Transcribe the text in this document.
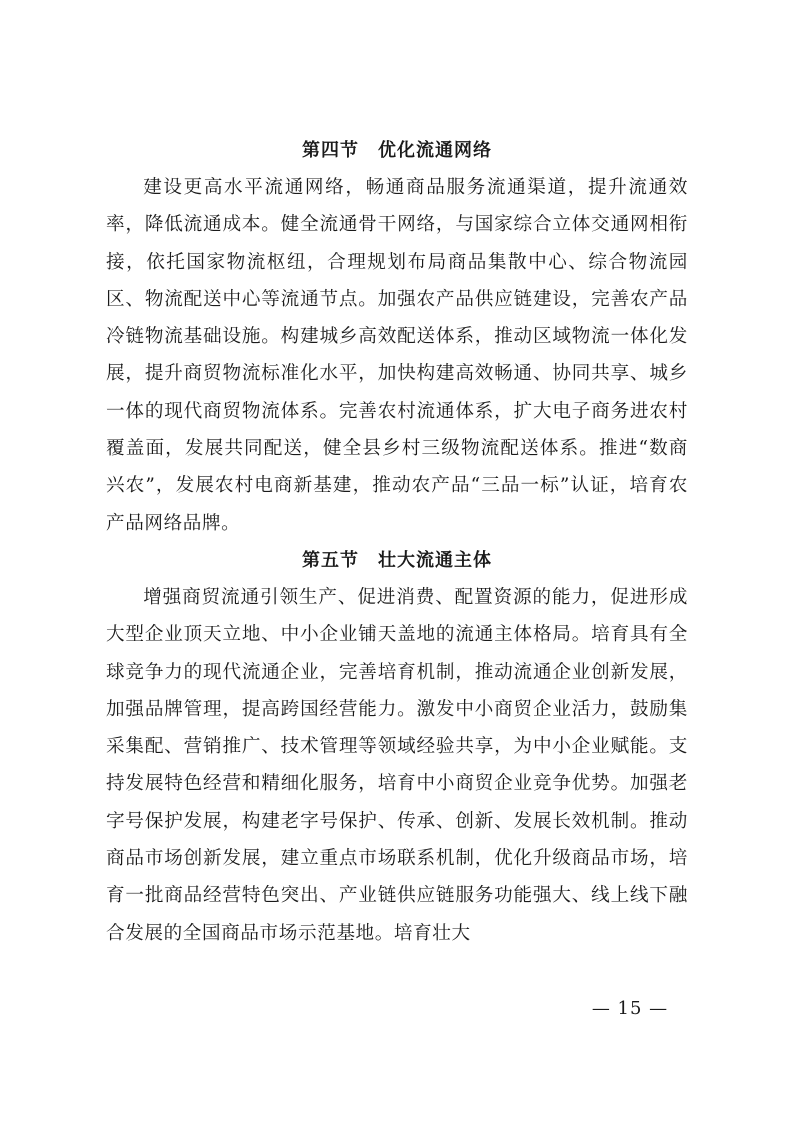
第四节　优化流通网络

建设更高水平流通网络，畅通商品服务流通渠道，提升流通效率，降低流通成本。健全流通骨干网络，与国家综合立体交通网相衔接，依托国家物流枢纽，合理规划布局商品集散中心、综合物流园区、物流配送中心等流通节点。加强农产品供应链建设，完善农产品冷链物流基础设施。构建城乡高效配送体系，推动区域物流一体化发展，提升商贸物流标准化水平，加快构建高效畅通、协同共享、城乡一体的现代商贸物流体系。完善农村流通体系，扩大电子商务进农村覆盖面，发展共同配送，健全县乡村三级物流配送体系。推进“数商兴农”，发展农村电商新基建，推动农产品“三品一标”认证，培育农产品网络品牌。

第五节　壮大流通主体

增强商贸流通引领生产、促进消费、配置资源的能力，促进形成大型企业顶天立地、中小企业铺天盖地的流通主体格局。培育具有全球竞争力的现代流通企业，完善培育机制，推动流通企业创新发展，加强品牌管理，提高跨国经营能力。激发中小商贸企业活力，鼓励集采集配、营销推广、技术管理等领域经验共享，为中小企业赋能。支持发展特色经营和精细化服务，培育中小商贸企业竞争优势。加强老字号保护发展，构建老字号保护、传承、创新、发展长效机制。推动商品市场创新发展，建立重点市场联系机制，优化升级商品市场，培育一批商品经营特色突出、产业链供应链服务功能强大、线上线下融合发展的全国商品市场示范基地。培育壮大

— 15 —
